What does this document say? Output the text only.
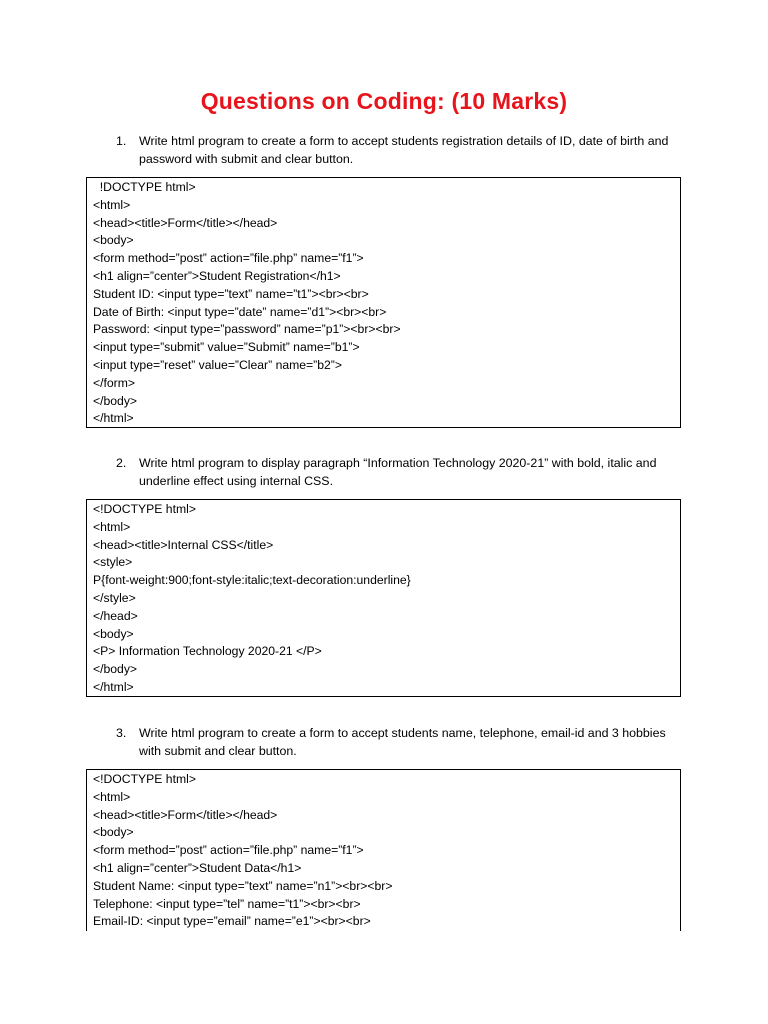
Questions on Coding: (10 Marks)
1.	Write html program to create a form to accept students registration details of ID, date of birth and password with submit and clear button.
!DOCTYPE html>
<html>
<head><title>Form</title></head>
<body>
<form method=”post” action=”file.php” name=”f1”>
<h1 align=”center”>Student Registration</h1>
Student ID: <input type=”text” name=”t1”><br><br>
Date of Birth: <input type=”date” name=”d1”><br><br>
Password: <input type=”password” name=”p1”><br><br>
<input type=”submit” value=”Submit” name=”b1”>
<input type=”reset” value=”Clear” name=”b2”>
</form>
</body>
</html>
2.	Write html program to display paragraph “Information Technology 2020-21” with bold, italic and underline effect using internal CSS.
<!DOCTYPE html>
<html>
<head><title>Internal CSS</title>
<style>
P{font-weight:900;font-style:italic;text-decoration:underline}
</style>
</head>
<body>
<P> Information Technology 2020-21 </P>
</body>
</html>
3.	Write html program to create a form to accept students name, telephone, email-id and 3 hobbies with submit and clear button.
<!DOCTYPE html>
<html>
<head><title>Form</title></head>
<body>
<form method=”post” action=”file.php” name=”f1”>
<h1 align=”center”>Student Data</h1>
Student Name: <input type=”text” name=”n1”><br><br>
Telephone: <input type=”tel” name=”t1”><br><br>
Email-ID: <input type=”email” name=”e1”><br><br>
